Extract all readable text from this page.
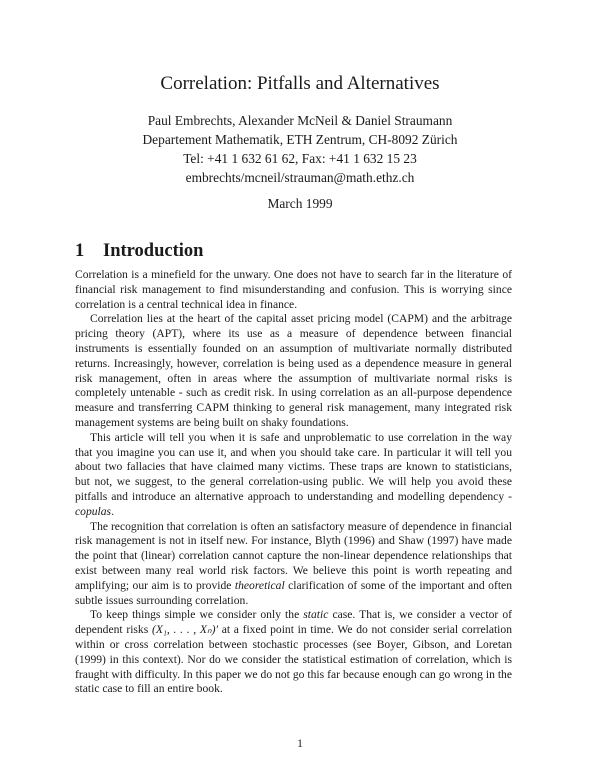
Correlation: Pitfalls and Alternatives
Paul Embrechts, Alexander McNeil & Daniel Straumann
Departement Mathematik, ETH Zentrum, CH-8092 Zürich
Tel: +41 1 632 61 62, Fax: +41 1 632 15 23
embrechts/mcneil/strauman@math.ethz.ch
March 1999
1 Introduction

Correlation is a minefield for the unwary. One does not have to search far in the literature of financial risk management to find misunderstanding and confusion. This is worrying since correlation is a central technical idea in finance.

Correlation lies at the heart of the capital asset pricing model (CAPM) and the arbitrage pricing theory (APT), where its use as a measure of dependence between financial instruments is essentially founded on an assumption of multivariate normally distributed returns. Increasingly, however, correlation is being used as a dependence measure in general risk management, often in areas where the assumption of multivariate normal risks is completely untenable - such as credit risk. In using correlation as an all-purpose dependence measure and transferring CAPM thinking to general risk management, many integrated risk management systems are being built on shaky foundations.

This article will tell you when it is safe and unproblematic to use correlation in the way that you imagine you can use it, and when you should take care. In particular it will tell you about two fallacies that have claimed many victims. These traps are known to statisticians, but not, we suggest, to the general correlation-using public. We will help you avoid these pitfalls and introduce an alternative approach to understanding and modelling dependency - copulas.

The recognition that correlation is often an satisfactory measure of dependence in financial risk management is not in itself new. For instance, Blyth (1996) and Shaw (1997) have made the point that (linear) correlation cannot capture the non-linear dependence relationships that exist between many real world risk factors. We believe this point is worth repeating and amplifying; our aim is to provide theoretical clarification of some of the important and often subtle issues surrounding correlation.

To keep things simple we consider only the static case. That is, we consider a vector of dependent risks (X₁, . . . , Xₙ)′ at a fixed point in time. We do not consider serial correlation within or cross correlation between stochastic processes (see Boyer, Gibson, and Loretan (1999) in this context). Nor do we consider the statistical estimation of correlation, which is fraught with difficulty. In this paper we do not go this far because enough can go wrong in the static case to fill an entire book.

1
